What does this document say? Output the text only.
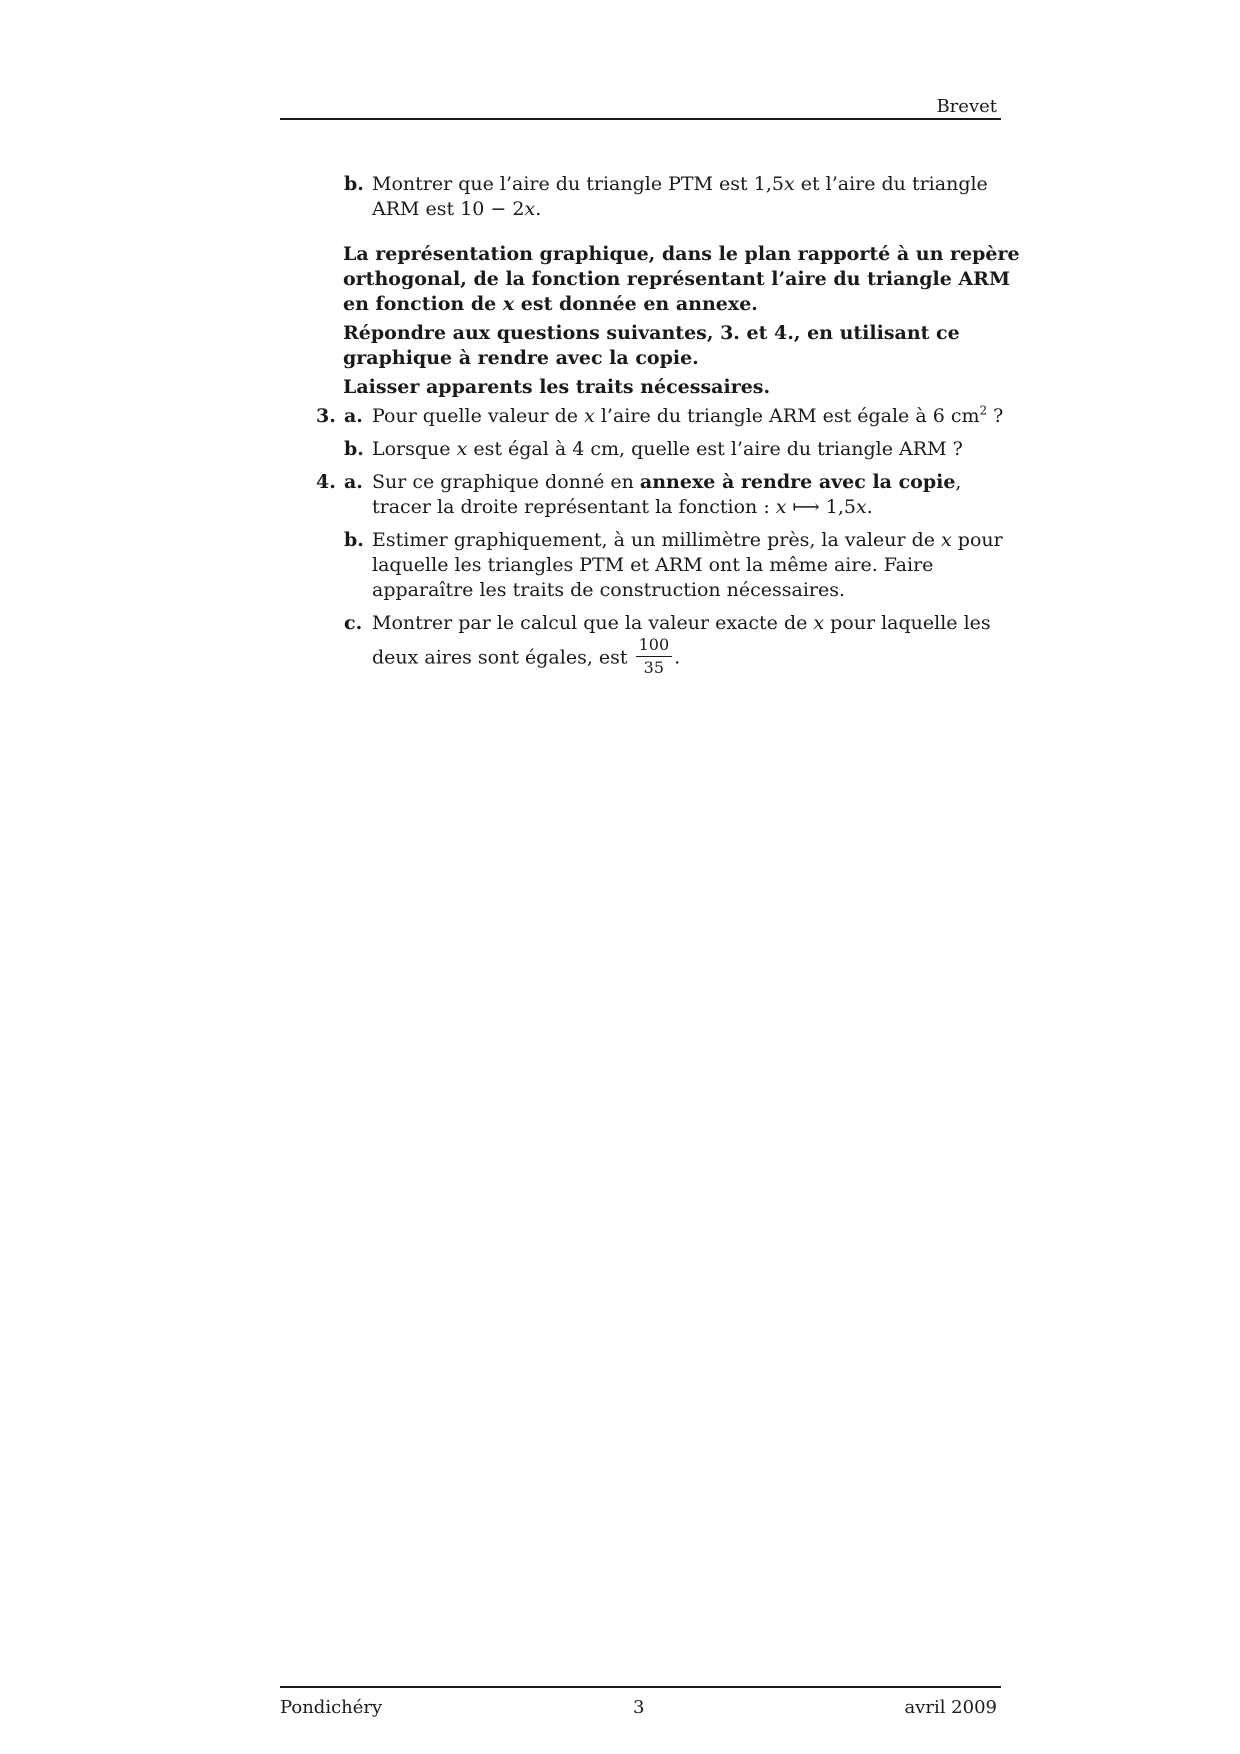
Brevet
b. Montrer que l’aire du triangle PTM est 1,5x et l’aire du triangle ARM est 10 − 2x.

La représentation graphique, dans le plan rapporté à un repère orthogonal, de la fonction représentant l’aire du triangle ARM en fonction de x est donnée en annexe.

Répondre aux questions suivantes, 3. et 4., en utilisant ce graphique à rendre avec la copie.

Laisser apparents les traits nécessaires.

3. a. Pour quelle valeur de x l’aire du triangle ARM est égale à 6 $cm^2$ ?
b. Lorsque x est égal à 4 cm, quelle est l’aire du triangle ARM ?
4. a. Sur ce graphique donné en annexe à rendre avec la copie, tracer la droite représentant la fonction : x ⟼ 1,5x.
b. Estimer graphiquement, à un millimètre près, la valeur de x pour laquelle les triangles PTM et ARM ont la même aire. Faire apparaître les traits de construction nécessaires.
c. Montrer par le calcul que la valeur exacte de x pour laquelle les deux aires sont égales, est $\frac{100}{35}$ .
Pondichéry	3	avril 2009
